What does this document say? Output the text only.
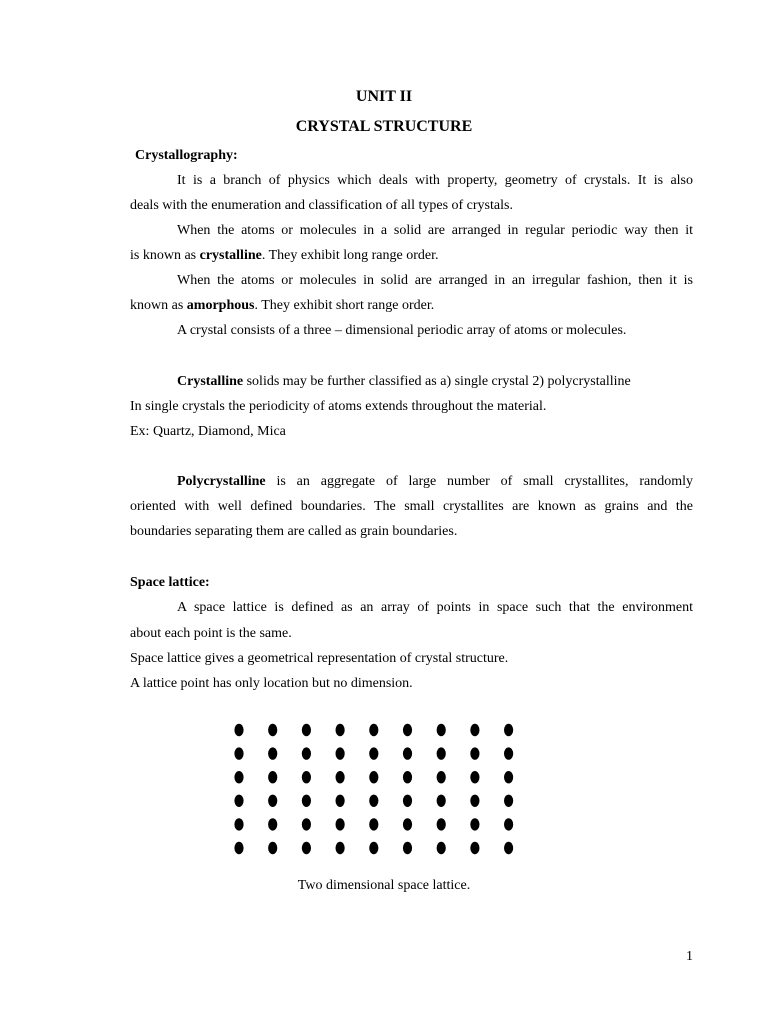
UNIT II
CRYSTAL STRUCTURE
Crystallography:
It is a branch of physics which deals with property, geometry of crystals. It is also
deals with the enumeration and classification of all types of crystals.
When the atoms or molecules in a solid are arranged in regular periodic way then it
is known as crystalline. They exhibit long range order.
When the atoms or molecules in solid are arranged in an irregular fashion, then it is
known as amorphous. They exhibit short range order.
A crystal consists of a three – dimensional periodic array of atoms or molecules.
Crystalline solids may be further classified as a) single crystal 2) polycrystalline
In single crystals the periodicity of atoms extends throughout the material.
Ex: Quartz, Diamond, Mica
Polycrystalline is an aggregate of large number of small crystallites, randomly
oriented with well defined boundaries. The small crystallites are known as grains and the
boundaries separating them are called as grain boundaries.
Space lattice:
A space lattice is defined as an array of points in space such that the environment
about each point is the same.
Space lattice gives a geometrical representation of crystal structure.
A lattice point has only location but no dimension.
Two dimensional space lattice.
1
